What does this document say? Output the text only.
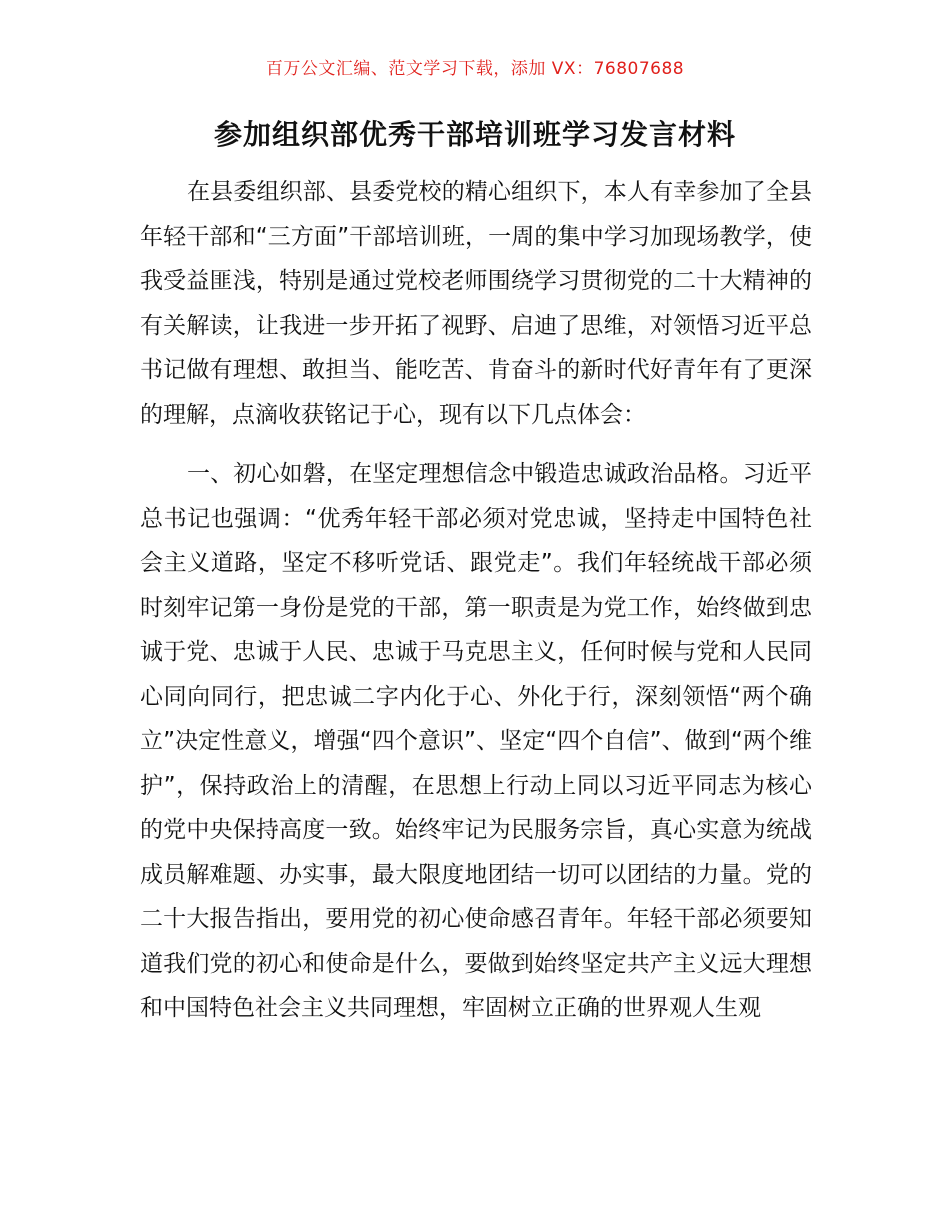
百万公文汇编、范文学习下载，添加 VX：76807688
参加组织部优秀干部培训班学习发言材料

在县委组织部、县委党校的精心组织下，本人有幸参加了全县年轻干部和“三方面”干部培训班，一周的集中学习加现场教学，使我受益匪浅，特别是通过党校老师围绕学习贯彻党的二十大精神的有关解读，让我进一步开拓了视野、启迪了思维，对领悟习近平总书记做有理想、敢担当、能吃苦、肯奋斗的新时代好青年有了更深的理解，点滴收获铭记于心，现有以下几点体会：

一、初心如磐，在坚定理想信念中锻造忠诚政治品格。习近平总书记也强调：“优秀年轻干部必须对党忠诚，坚持走中国特色社会主义道路，坚定不移听党话、跟党走”。我们年轻统战干部必须时刻牢记第一身份是党的干部，第一职责是为党工作，始终做到忠诚于党、忠诚于人民、忠诚于马克思主义，任何时候与党和人民同心同向同行，把忠诚二字内化于心、外化于行，深刻领悟“两个确立”决定性意义，增强“四个意识”、坚定“四个自信”、做到“两个维护”，保持政治上的清醒，在思想上行动上同以习近平同志为核心的党中央保持高度一致。始终牢记为民服务宗旨，真心实意为统战成员解难题、办实事，最大限度地团结一切可以团结的力量。党的二十大报告指出，要用党的初心使命感召青年。年轻干部必须要知道我们党的初心和使命是什么，要做到始终坚定共产主义远大理想和中国特色社会主义共同理想，牢固树立正确的世界观人生观
